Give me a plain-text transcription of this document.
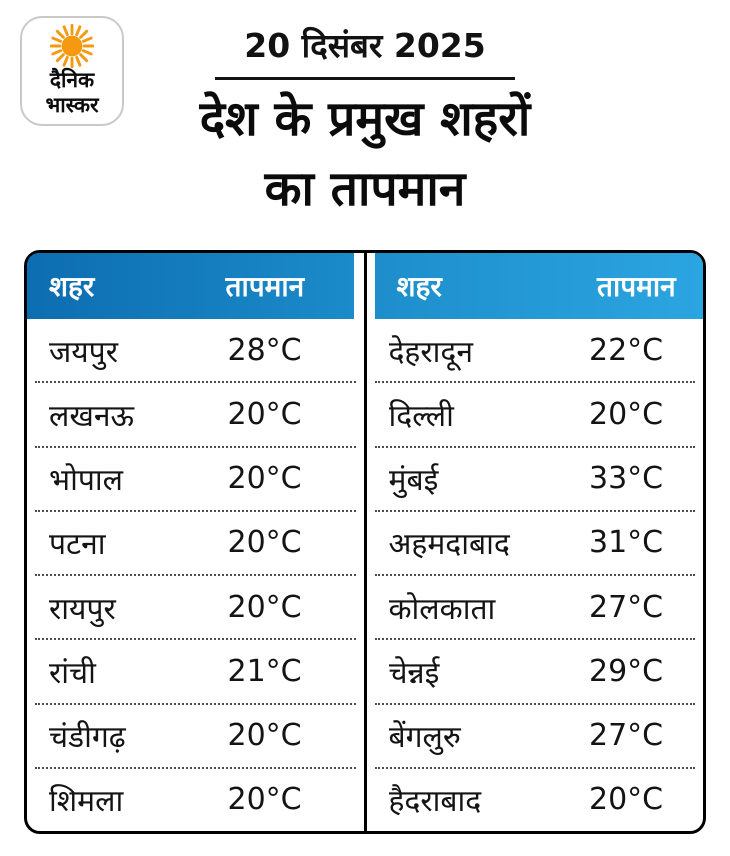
दैनिक
भास्कर
20 दिसंबर 2025
देश के प्रमुख शहरों
का तापमान
शहर	तापमान
जयपुर	28°C
लखनऊ	20°C
भोपाल	20°C
पटना	20°C
रायपुर	20°C
रांची	21°C
चंडीगढ़	20°C
शिमला	20°C
शहर	तापमान
देहरादून	22°C
दिल्ली	20°C
मुंबई	33°C
अहमदाबाद	31°C
कोलकाता	27°C
चेन्नई	29°C
बेंगलुरु	27°C
हैदराबाद	20°C
